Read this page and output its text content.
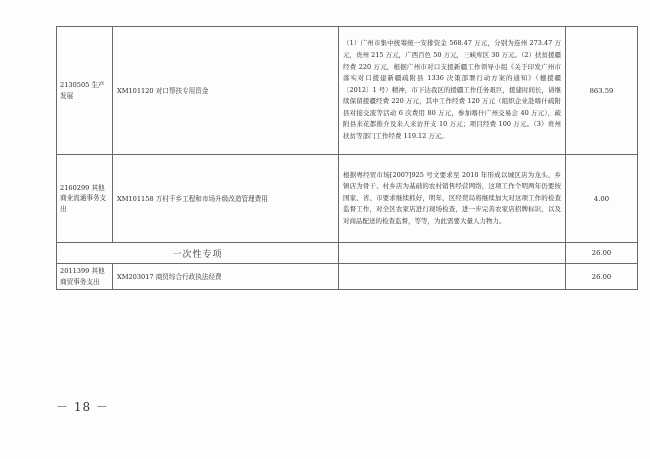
2130505 生产发展	XM101120 对口帮扶专用资金	（1）广州市集中统筹统一安排资金 568.47 万元，分别为连州 273.47 万元，贵州 215 万元，广西百色 50 万元，三峡库区 30 万元。（2）扶贫援疆经费 220 万元，根据广州市对口支援新疆工作领导小组《关于印发广州市落实对口援建新疆疏附县 1336 决策部署行动方案的通知》（穗援疆〔2012〕1 号）精神，市下达我区的援疆工作任务艰巨，援建时间长，请继续保留援疆经费 220 万元，其中工作经费 120 万元（组织企业赴喀什疏附县对接交流等活动 6 次费用 80 万元，参加喀什广州交易会 40 万元），疏附县来花都推介及来人来访开支 10 万元；项目经费 100 万元。（3）贵州扶贫等部门工作经费 119.12 万元。	863.59
2160299 其他商业流通事务支出	XM101158 万村千乡工程和市场升级改造管理费用	根据粤经贸市场[2007]925 号文要求至 2010 年形成以城区店为龙头、乡镇店为骨干、村乡店为基础的农村销售经营网络，这项工作个明两年仍要按国家、省、市要求继续抓好，明年，区经贸局将继续加大对这项工作的检查监督工作，对全区农家店进行现场检查，进一步完善农家店招牌标识，以及对商品配送的检查监督，等等，为此需要大量人力物力。	4.00
一次性专项			26.00
2011399 其他商贸事务支出	XM203017 商贸综合行政执法经费		26.00
－ 18 －
